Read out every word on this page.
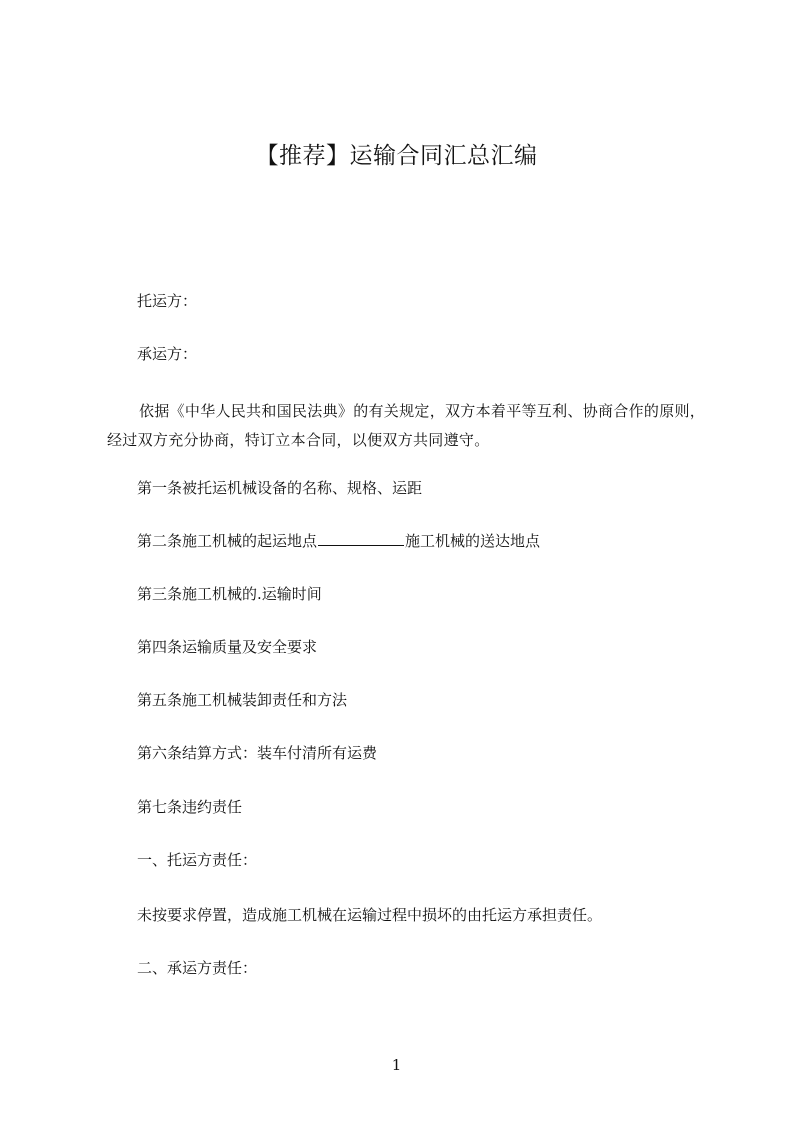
【推荐】运输合同汇总汇编

托运方：

承运方：

依据《中华人民共和国民法典》的有关规定，双方本着平等互利、协商合作的原则，经过双方充分协商，特订立本合同，以便双方共同遵守。

第一条被托运机械设备的名称、规格、运距

第二条施工机械的起运地点	施工机械的送达地点

第三条施工机械的.运输时间

第四条运输质量及安全要求

第五条施工机械装卸责任和方法

第六条结算方式：装车付清所有运费

第七条违约责任

一、托运方责任：

未按要求停置，造成施工机械在运输过程中损坏的由托运方承担责任。

二、承运方责任：

1
